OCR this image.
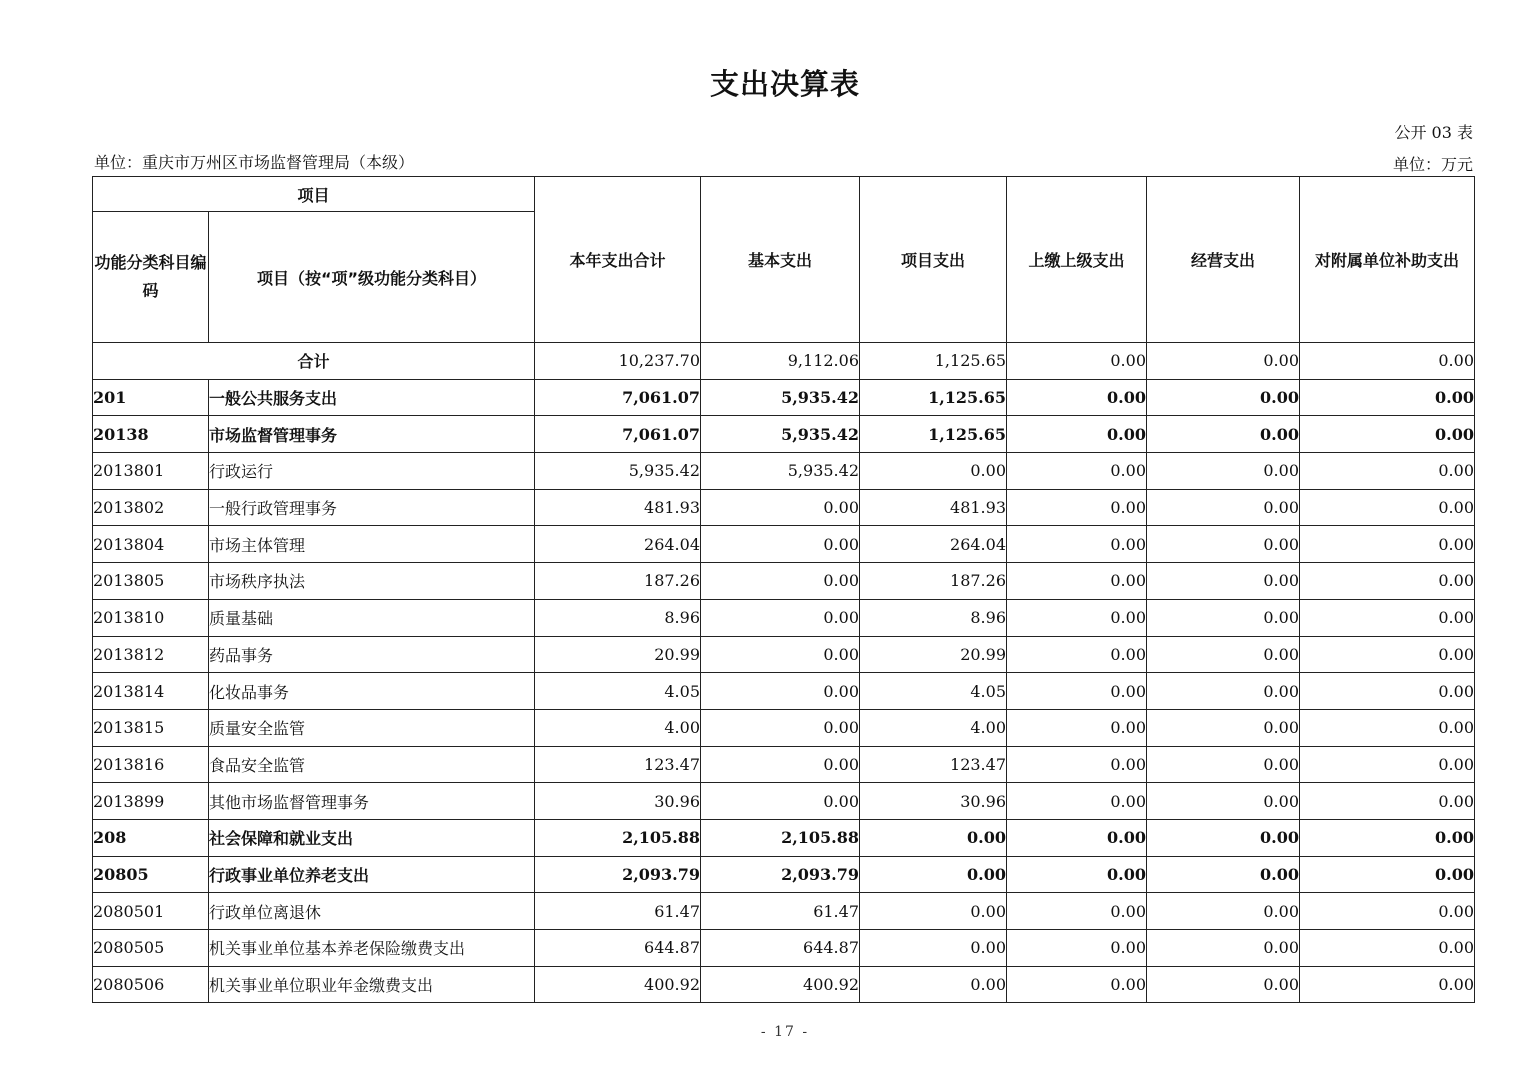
支出决算表
公开 03 表
单位：重庆市万州区市场监督管理局（本级）	单位：万元
项目		本年支出合计	基本支出	项目支出	上缴上级支出	经营支出	对附属单位补助支出
功能分类科目编码	项目（按“项”级功能分类科目）						
合计		10,237.70	9,112.06	1,125.65	0.00	0.00	0.00
201	一般公共服务支出	7,061.07	5,935.42	1,125.65	0.00	0.00	0.00
20138	市场监督管理事务	7,061.07	5,935.42	1,125.65	0.00	0.00	0.00
2013801	行政运行	5,935.42	5,935.42	0.00	0.00	0.00	0.00
2013802	一般行政管理事务	481.93	0.00	481.93	0.00	0.00	0.00
2013804	市场主体管理	264.04	0.00	264.04	0.00	0.00	0.00
2013805	市场秩序执法	187.26	0.00	187.26	0.00	0.00	0.00
2013810	质量基础	8.96	0.00	8.96	0.00	0.00	0.00
2013812	药品事务	20.99	0.00	20.99	0.00	0.00	0.00
2013814	化妆品事务	4.05	0.00	4.05	0.00	0.00	0.00
2013815	质量安全监管	4.00	0.00	4.00	0.00	0.00	0.00
2013816	食品安全监管	123.47	0.00	123.47	0.00	0.00	0.00
2013899	其他市场监督管理事务	30.96	0.00	30.96	0.00	0.00	0.00
208	社会保障和就业支出	2,105.88	2,105.88	0.00	0.00	0.00	0.00
20805	行政事业单位养老支出	2,093.79	2,093.79	0.00	0.00	0.00	0.00
2080501	行政单位离退休	61.47	61.47	0.00	0.00	0.00	0.00
2080505	机关事业单位基本养老保险缴费支出	644.87	644.87	0.00	0.00	0.00	0.00
2080506	机关事业单位职业年金缴费支出	400.92	400.92	0.00	0.00	0.00	0.00
- 17 -
